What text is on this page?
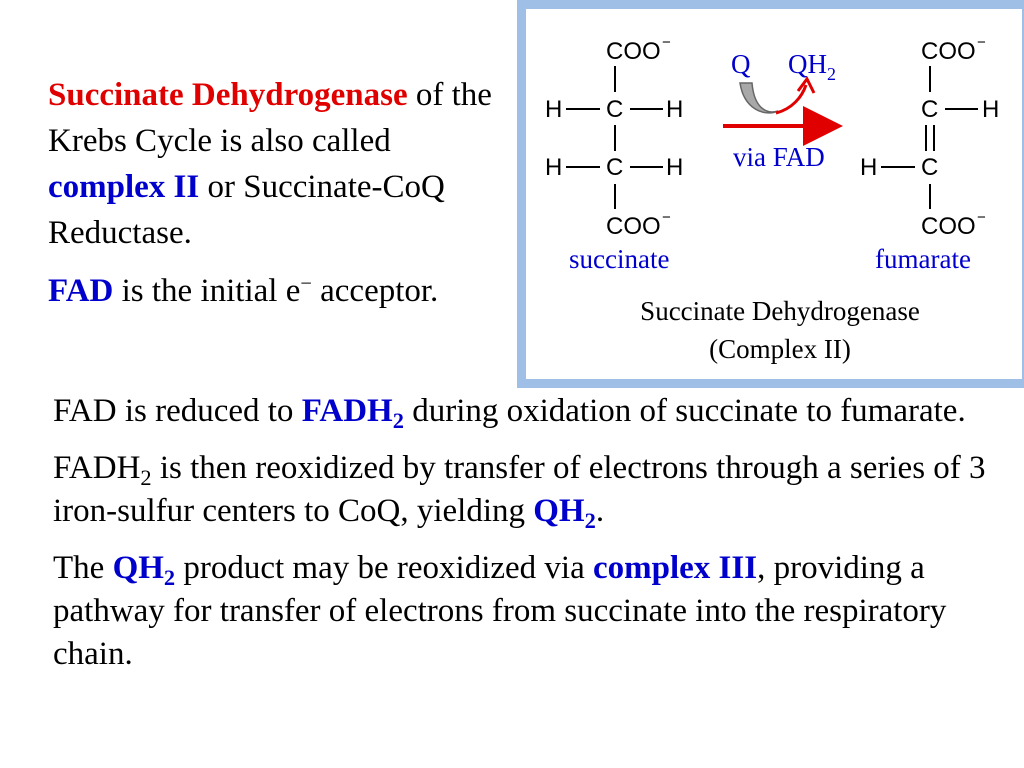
Succinate Dehydrogenase of the Krebs Cycle is also called complex II or Succinate-CoQ Reductase.

FAD is the initial e− acceptor.

COO −
H C H
H C H
COO −
succinate
Q $QH_2$
via FAD
COO −
C H
H C
COO −
fumarate
Succinate Dehydrogenase
(Complex II)

FAD is reduced to $FADH_2$ during oxidation of succinate to fumarate.

$FADH_2$ is then reoxidized by transfer of electrons through a series of 3 iron-sulfur centers to CoQ, yielding $QH_2$.

The $QH_2$ product may be reoxidized via complex III, providing a pathway for transfer of electrons from succinate into the respiratory chain.
